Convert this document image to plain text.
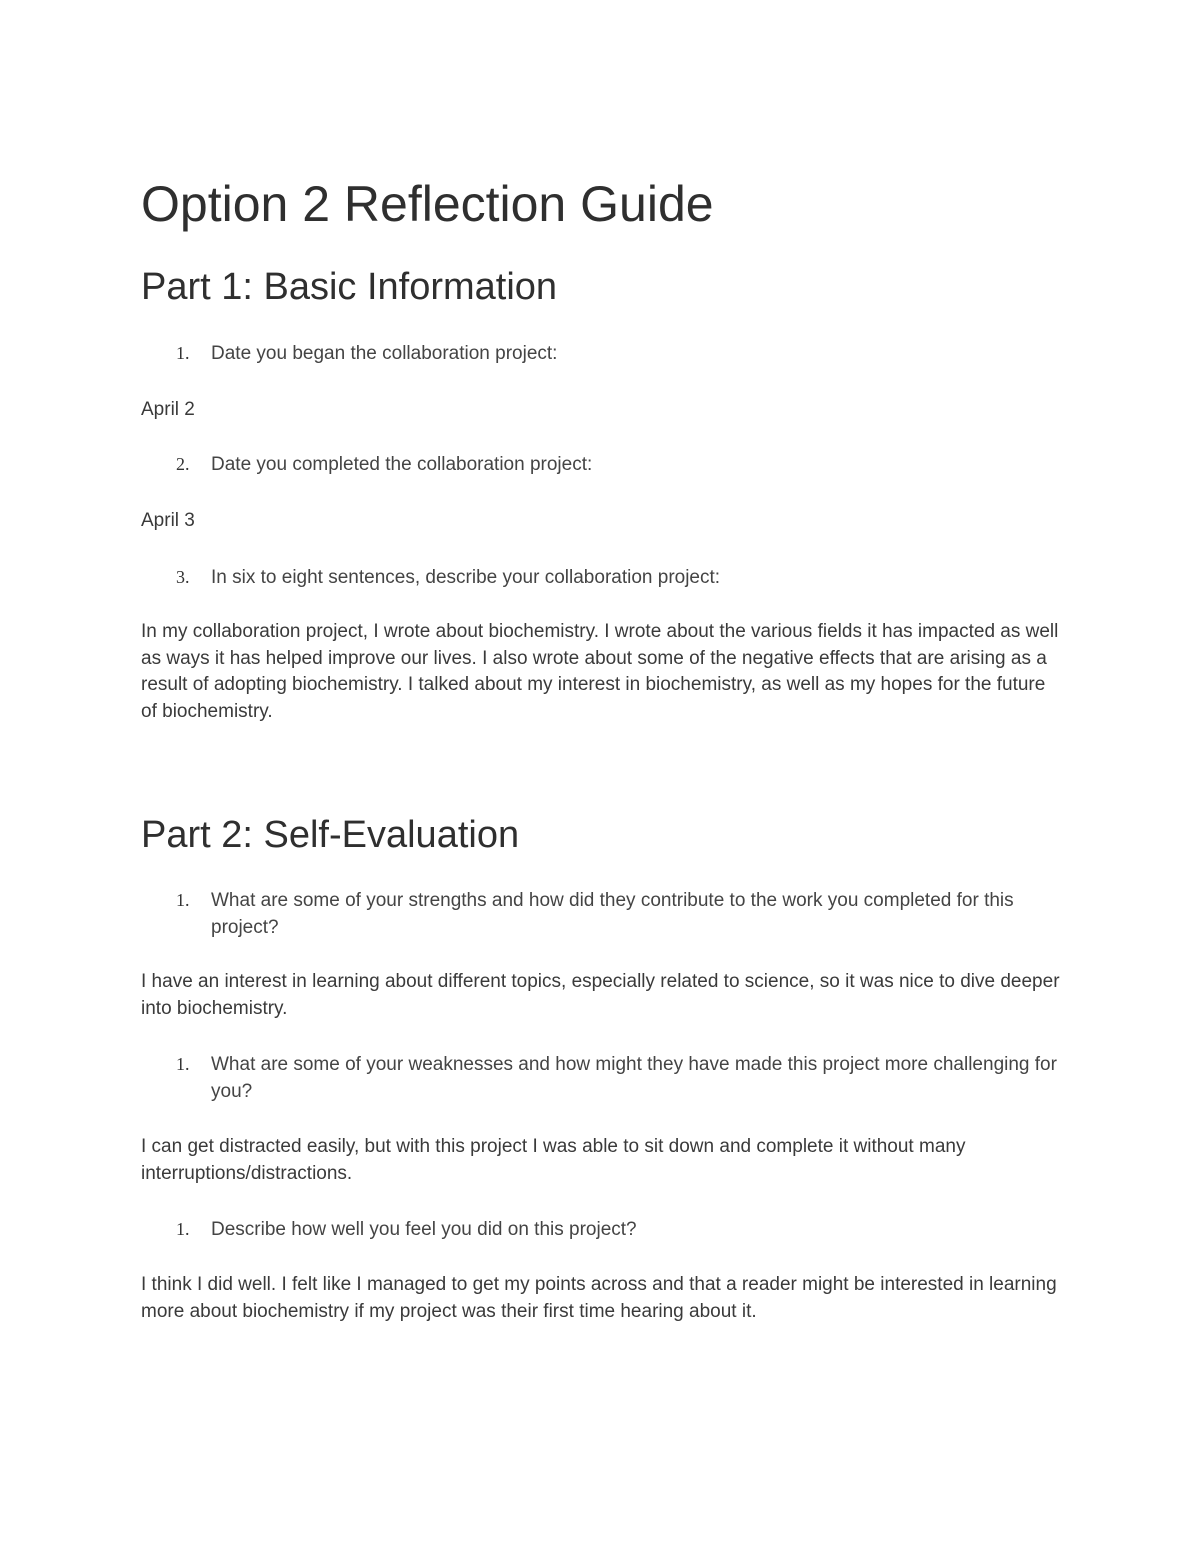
Option 2 Reflection Guide
Part 1: Basic Information
1. Date you began the collaboration project:

April 2

2. Date you completed the collaboration project:

April 3

3. In six to eight sentences, describe your collaboration project:

In my collaboration project, I wrote about biochemistry. I wrote about the various fields it has impacted as well as ways it has helped improve our lives. I also wrote about some of the negative effects that are arising as a result of adopting biochemistry. I talked about my interest in biochemistry, as well as my hopes for the future of biochemistry.

Part 2: Self-Evaluation
1. What are some of your strengths and how did they contribute to the work you completed for this project?

I have an interest in learning about different topics, especially related to science, so it was nice to dive deeper into biochemistry.

1. What are some of your weaknesses and how might they have made this project more challenging for you?

I can get distracted easily, but with this project I was able to sit down and complete it without many interruptions/distractions.

1. Describe how well you feel you did on this project?

I think I did well. I felt like I managed to get my points across and that a reader might be interested in learning more about biochemistry if my project was their first time hearing about it.
